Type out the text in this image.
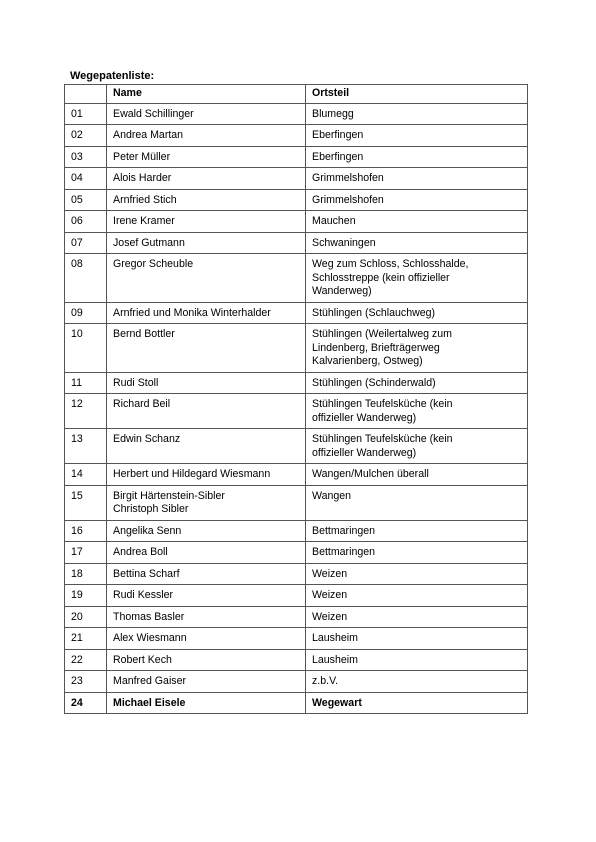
Wegepatenliste:
	Name	Ortsteil
01	Ewald Schillinger	Blumegg

02	Andrea Martan	Eberfingen

03	Peter Müller	Eberfingen

04	Alois Harder	Grimmelshofen

05	Arnfried Stich	Grimmelshofen

06	Irene Kramer	Mauchen

07	Josef Gutmann	Schwaningen

08	Gregor Scheuble	Weg zum Schloss, Schlosshalde,
Schlosstreppe (kein offizieller
Wanderweg)

09	Arnfried und Monika Winterhalder	Stühlingen (Schlauchweg)

10	Bernd Bottler	Stühlingen (Weilertalweg zum
Lindenberg, Briefträgerweg
Kalvarienberg, Ostweg)

11	Rudi Stoll	Stühlingen (Schinderwald)

12	Richard Beil	Stühlingen Teufelsküche (kein
offizieller Wanderweg)

13	Edwin Schanz	Stühlingen Teufelsküche (kein
offizieller Wanderweg)

14	Herbert und Hildegard Wiesmann	Wangen/Mulchen überall

15	Birgit Härtenstein-Sibler
Christoph Sibler	Wangen

16	Angelika Senn	Bettmaringen

17	Andrea Boll	Bettmaringen

18	Bettina Scharf	Weizen

19	Rudi Kessler	Weizen

20	Thomas Basler	Weizen

21	Alex Wiesmann	Lausheim

22	Robert Kech	Lausheim

23	Manfred Gaiser	z.b.V.

24	Michael Eisele	Wegewart
